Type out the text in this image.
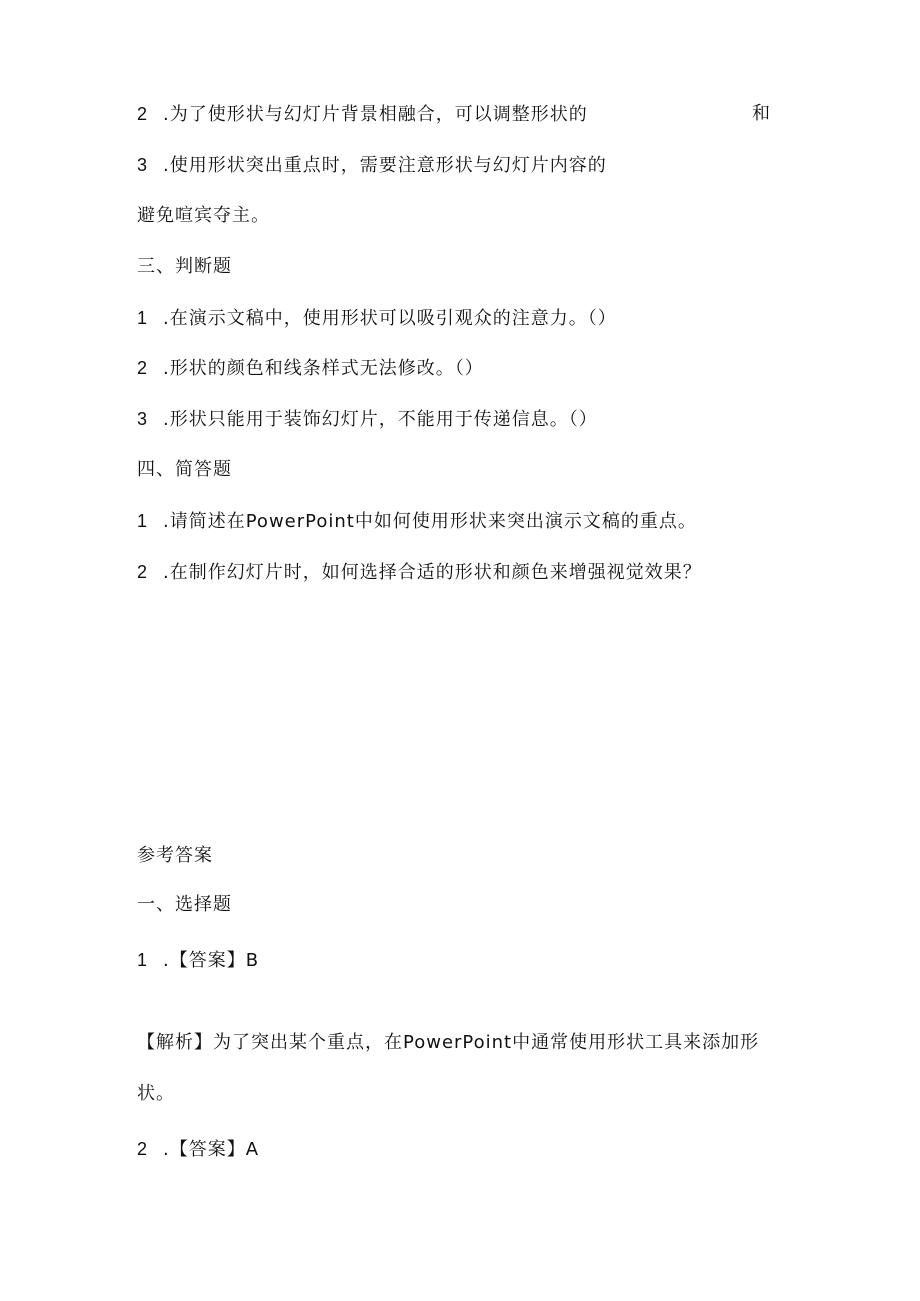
2 .为了使形状与幻灯片背景相融合，可以调整形状的	和
3 .使用形状突出重点时，需要注意形状与幻灯片内容的
避免喧宾夺主。
三、判断题
1 .在演示文稿中，使用形状可以吸引观众的注意力。（）
2 .形状的颜色和线条样式无法修改。（）
3 .形状只能用于装饰幻灯片，不能用于传递信息。（）
四、简答题
1 .请简述在PowerPoint中如何使用形状来突出演示文稿的重点。
2 .在制作幻灯片时，如何选择合适的形状和颜色来增强视觉效果？
参考答案
一、选择题
1 .【答案】B
【解析】为了突出某个重点，在PowerPoint中通常使用形状工具来添加形
状。
2 .【答案】A
